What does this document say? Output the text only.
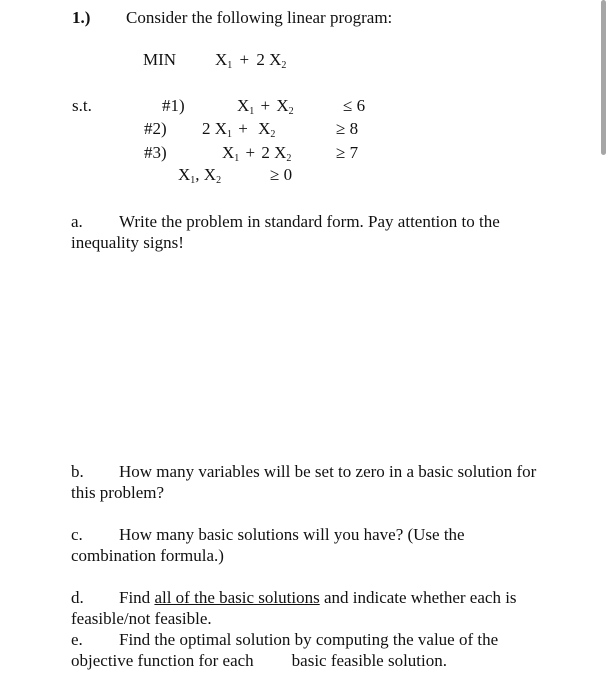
1.) Consider the following linear program:
MIN $X_1 + 2$ $X_2$
s.t.	#1)	$X_1 + X_2$	≤ 6
#2) 2 $X_1 + X_2$	≥ 8
#3)	$X_1 + 2$ $X_2$	≥ 7
$X_1$, $X_2$	≥ 0
a. Write the problem in standard form. Pay attention to the inequality signs!
b. How many variables will be set to zero in a basic solution for this problem?
c. How many basic solutions will you have? (Use the combination formula.)
d. Find all of the basic solutions and indicate whether each is feasible/not feasible.
e. Find the optimal solution by computing the value of the objective function for each basic feasible solution.
